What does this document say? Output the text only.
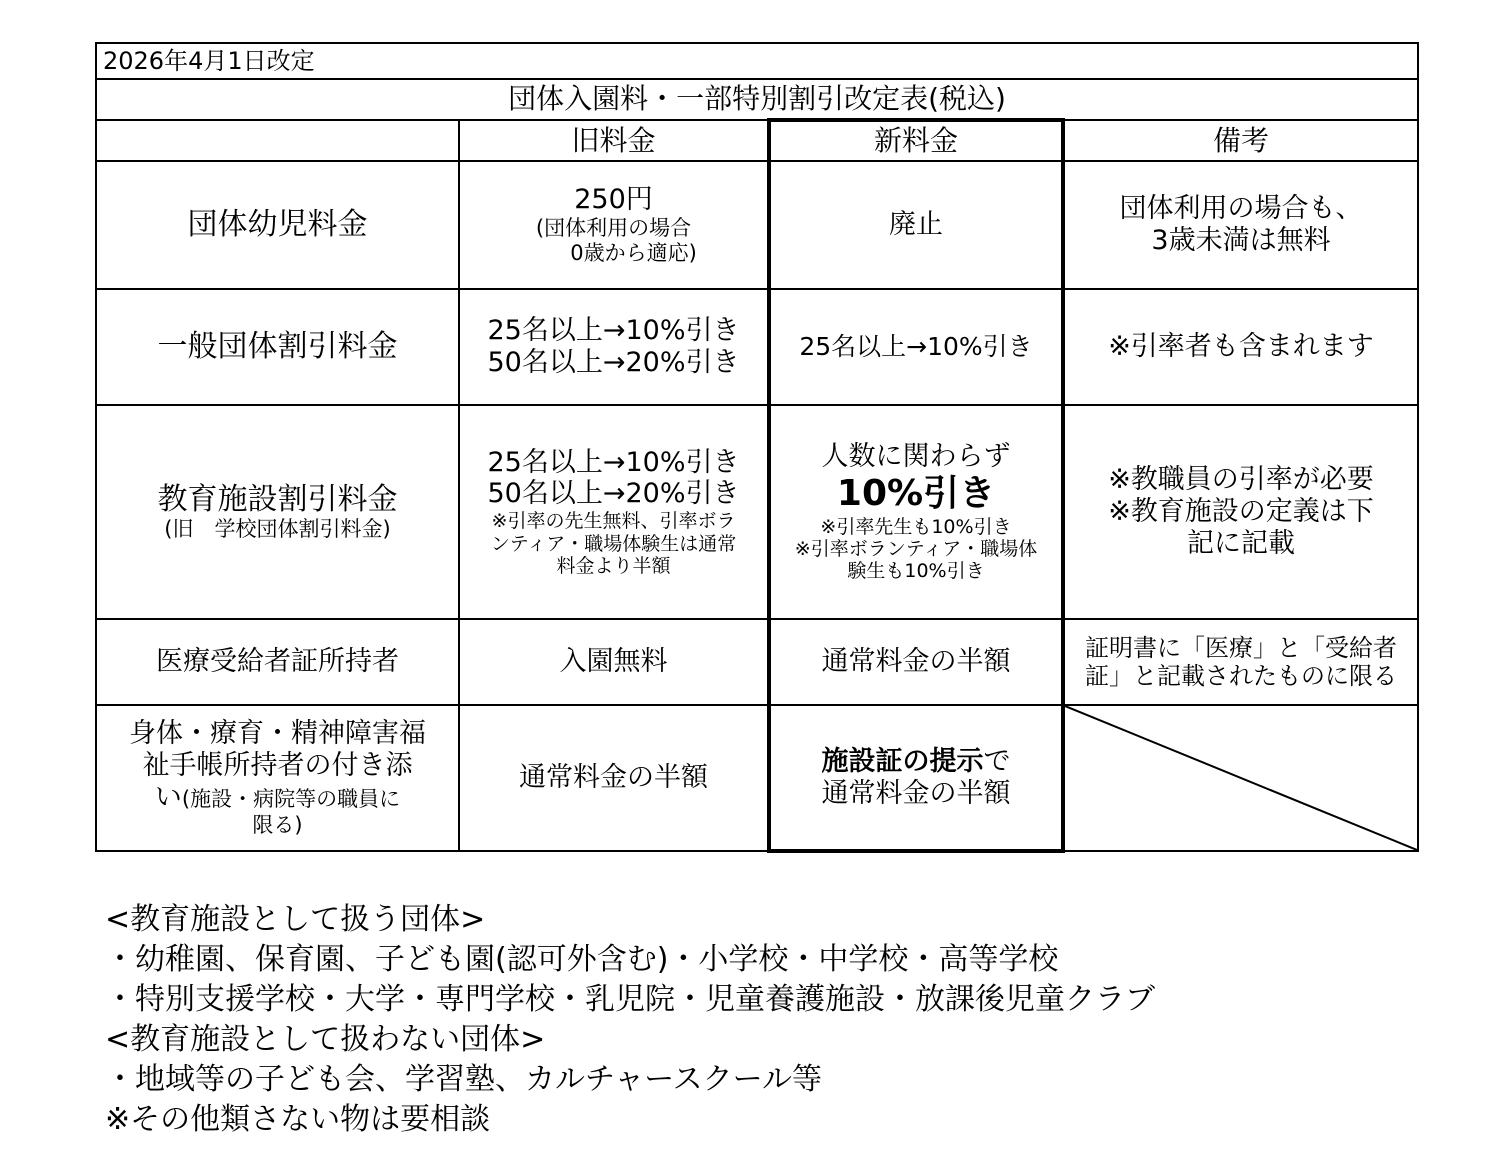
2026年4月1日改定			
団体入園料・一部特別割引改定表(税込)			
	旧料金	新料金	備考
団体幼児料金	250円
(団体利用の場合
0歳から適応)	廃止	団体利用の場合も、
3歳未満は無料

一般団体割引料金	25名以上→10%引き
50名以上→20%引き	25名以上→10%引き	※引率者も含まれます

教育施設割引料金
(旧　学校団体割引料金)	25名以上→10%引き
50名以上→20%引き
※引率の先生無料、引率ボラ
ンティア・職場体験生は通常
料金より半額	人数に関わらず
10%引き
※引率先生も10%引き
※引率ボランティア・職場体
験生も10%引き	※教職員の引率が必要
※教育施設の定義は下
記に記載

医療受給者証所持者	入園無料	通常料金の半額	証明書に「医療」と「受給者
証」と記載されたものに限る

身体・療育・精神障害福
祉手帳所持者の付き添
い(施設・病院等の職員に
限る)	通常料金の半額	施設証の提示で
通常料金の半額

<教育施設として扱う団体>
・幼稚園、保育園、子ども園(認可外含む)・小学校・中学校・高等学校
・特別支援学校・大学・専門学校・乳児院・児童養護施設・放課後児童クラブ
<教育施設として扱わない団体>
・地域等の子ども会、学習塾、カルチャースクール等
※その他類さない物は要相談
